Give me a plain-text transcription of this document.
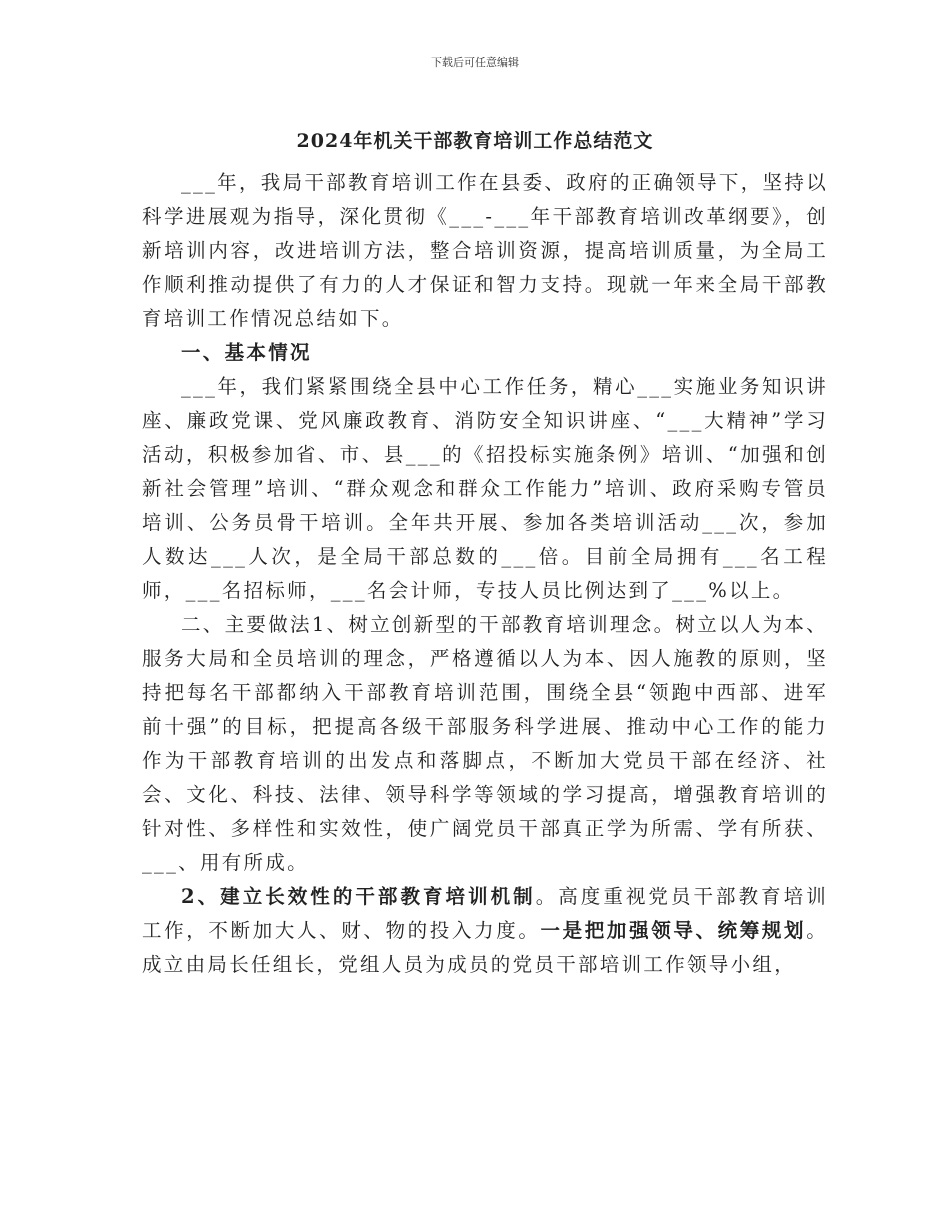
下载后可任意编辑
2024年机关干部教育培训工作总结范文

___年，我局干部教育培训工作在县委、政府的正确领导下，坚持以科学进展观为指导，深化贯彻《___-___年干部教育培训改革纲要》，创新培训内容，改进培训方法，整合培训资源，提高培训质量，为全局工作顺利推动提供了有力的人才保证和智力支持。现就一年来全局干部教育培训工作情况总结如下。

一、基本情况

___年，我们紧紧围绕全县中心工作任务，精心___实施业务知识讲座、廉政党课、党风廉政教育、消防安全知识讲座、“___大精神”学习活动，积极参加省、市、县___的《招投标实施条例》培训、“加强和创新社会管理”培训、“群众观念和群众工作能力”培训、政府采购专管员培训、公务员骨干培训。全年共开展、参加各类培训活动___次，参加人数达___人次，是全局干部总数的___倍。目前全局拥有___名工程师，___名招标师，___名会计师，专技人员比例达到了___%以上。

二、主要做法1、树立创新型的干部教育培训理念。树立以人为本、服务大局和全员培训的理念，严格遵循以人为本、因人施教的原则，坚持把每名干部都纳入干部教育培训范围，围绕全县“领跑中西部、进军前十强”的目标，把提高各级干部服务科学进展、推动中心工作的能力作为干部教育培训的出发点和落脚点，不断加大党员干部在经济、社会、文化、科技、法律、领导科学等领域的学习提高，增强教育培训的针对性、多样性和实效性，使广阔党员干部真正学为所需、学有所获、___、用有所成。

2、建立长效性的干部教育培训机制。高度重视党员干部教育培训工作，不断加大人、财、物的投入力度。一是把加强领导、统筹规划。成立由局长任组长，党组人员为成员的党员干部培训工作领导小组，
